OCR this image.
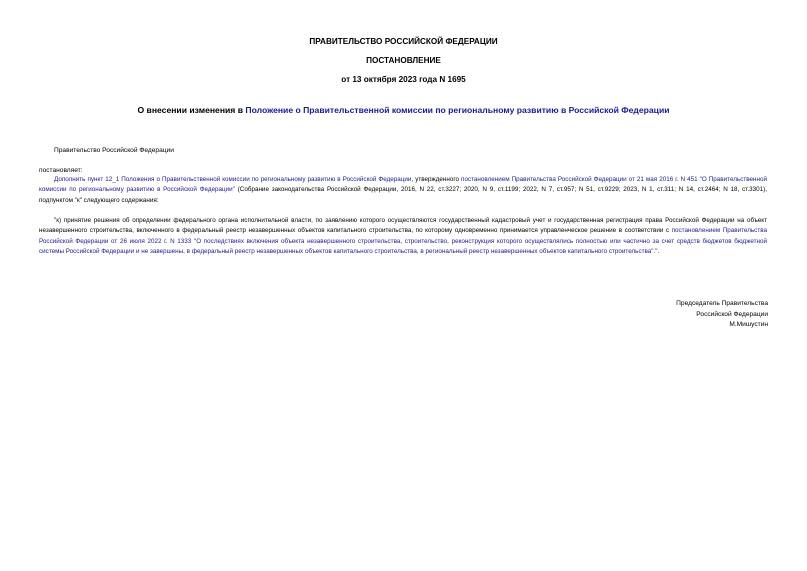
ПРАВИТЕЛЬСТВО РОССИЙСКОЙ ФЕДЕРАЦИИ
ПОСТАНОВЛЕНИЕ
от 13 октября 2023 года N 1695
О внесении изменения в Положение о Правительственной комиссии по региональному развитию в Российской Федерации
Правительство Российской Федерации
постановляет:
Дополнить пункт 12_1 Положения о Правительственной комиссии по региональному развитию в Российской Федерации, утвержденного постановлением Правительства Российской Федерации от 21 мая 2016 г. N 451 "О Правительственной комиссии по региональному развитию в Российской Федерации" (Собрание законодательства Российской Федерации, 2016, N 22, ст.3227; 2020, N 9, ст.1199; 2022, N 7, ст.957; N 51, ст.9229; 2023, N 1, ст.311; N 14, ст.2464; N 18, ст.3301), подпунктом "к" следующего содержания:
"к) принятие решения об определении федерального органа исполнительной власти, по заявлению которого осуществляются государственный кадастровый учет и государственная регистрация права Российской Федерации на объект незавершенного строительства, включенного в федеральный реестр незавершенных объектов капитального строительства, по которому одновременно принимается управленческое решение в соответствии с постановлением Правительства Российской Федерации от 26 июля 2022 г. N 1333 "О последствиях включения объекта незавершенного строительства, строительство, реконструкция которого осуществлялись полностью или частично за счет средств бюджетов бюджетной системы Российской Федерации и не завершены, в федеральный реестр незавершенных объектов капитального строительства, в региональный реестр незавершенных объектов капитального строительства".".
Председатель Правительства
Российской Федерации
М.Мишустин
